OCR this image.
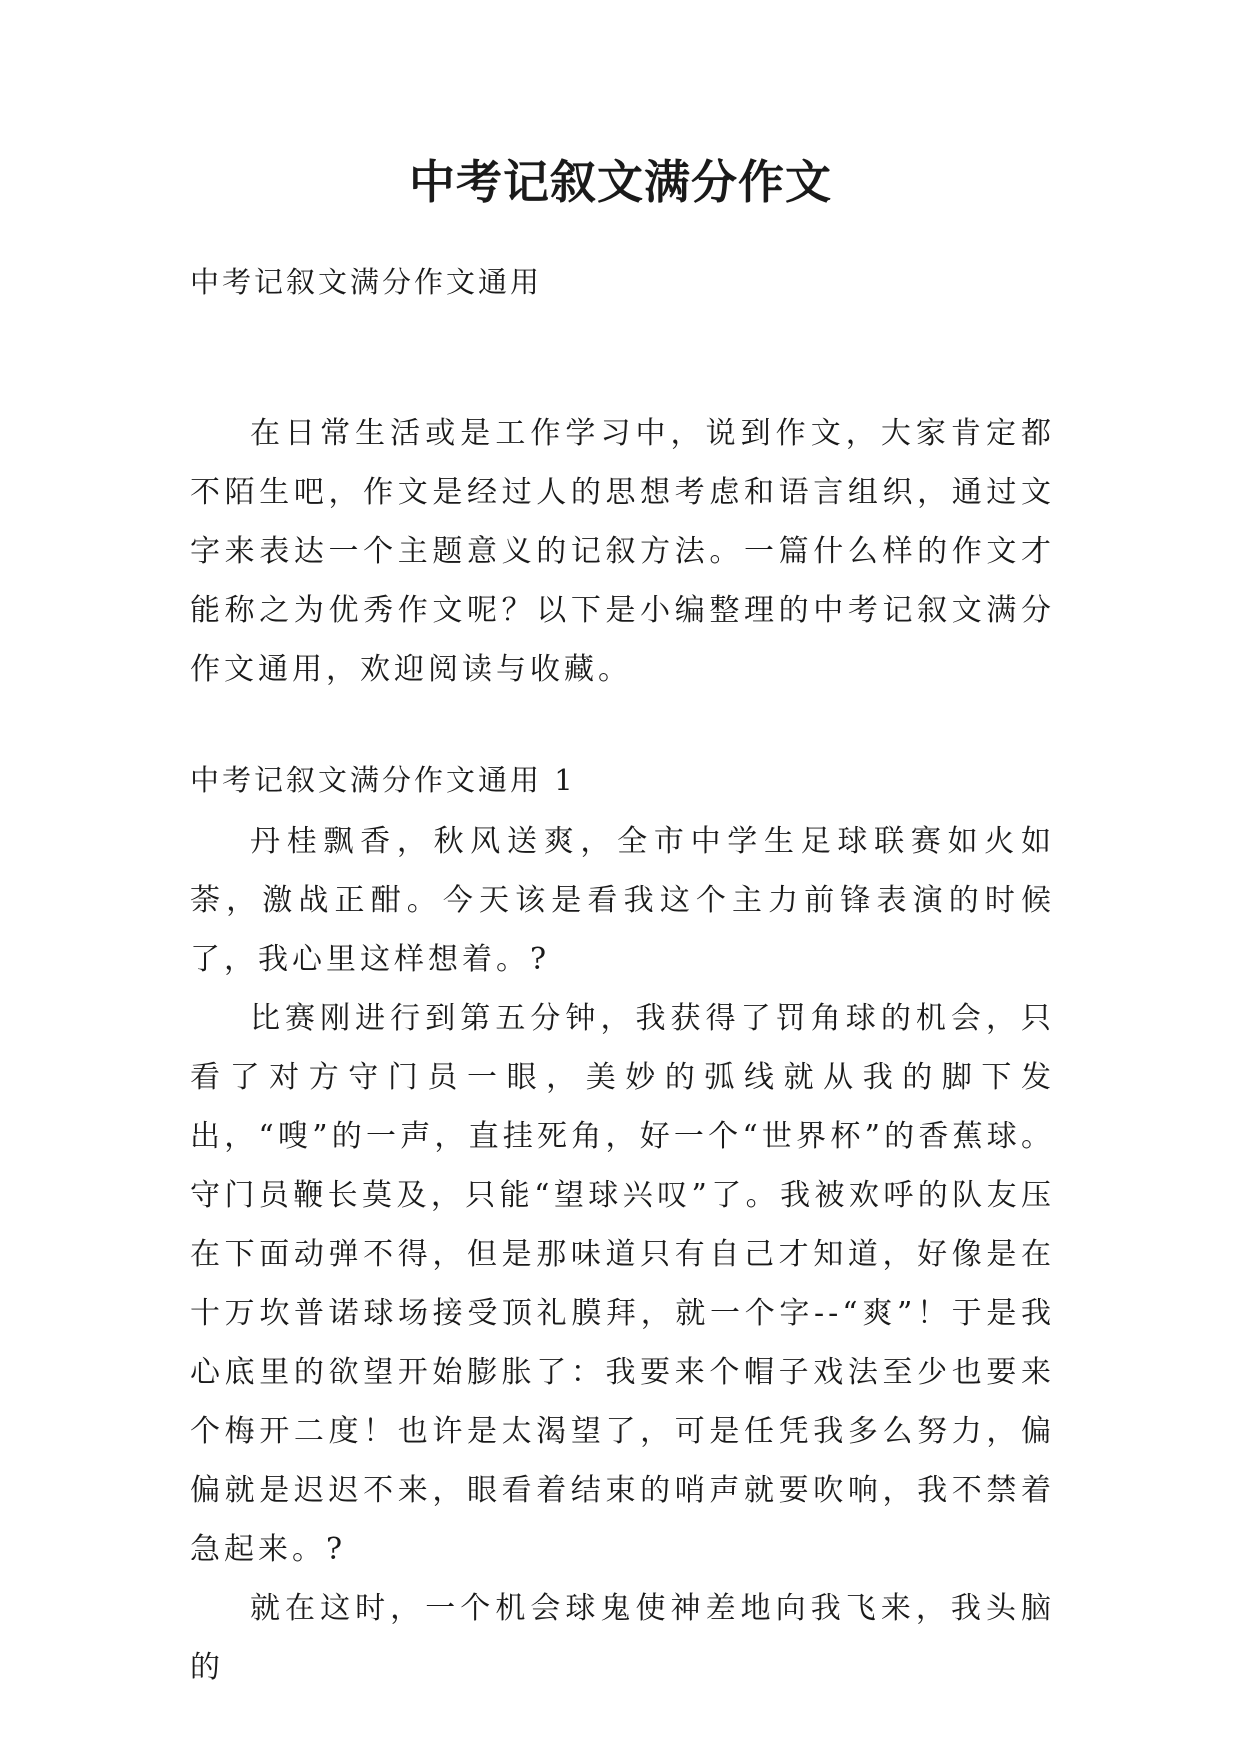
中考记叙文满分作文
中考记叙文满分作文通用

在日常生活或是工作学习中，说到作文，大家肯定都不陌生吧，作文是经过人的思想考虑和语言组织，通过文字来表达一个主题意义的记叙方法。一篇什么样的作文才能称之为优秀作文呢？以下是小编整理的中考记叙文满分作文通用，欢迎阅读与收藏。

中考记叙文满分作文通用 1

丹桂飘香，秋风送爽，全市中学生足球联赛如火如荼，激战正酣。今天该是看我这个主力前锋表演的时候了，我心里这样想着。?

比赛刚进行到第五分钟，我获得了罚角球的机会，只看了对方守门员一眼，美妙的弧线就从我的脚下发出，“嗖”的一声，直挂死角，好一个“世界杯”的香蕉球。守门员鞭长莫及，只能“望球兴叹”了。我被欢呼的队友压在下面动弹不得，但是那味道只有自己才知道，好像是在十万坎普诺球场接受顶礼膜拜，就一个字--“爽”！于是我心底里的欲望开始膨胀了：我要来个帽子戏法至少也要来个梅开二度！也许是太渴望了，可是任凭我多么努力，偏偏就是迟迟不来，眼看着结束的哨声就要吹响，我不禁着急起来。?

就在这时，一个机会球鬼使神差地向我飞来，我头脑的
